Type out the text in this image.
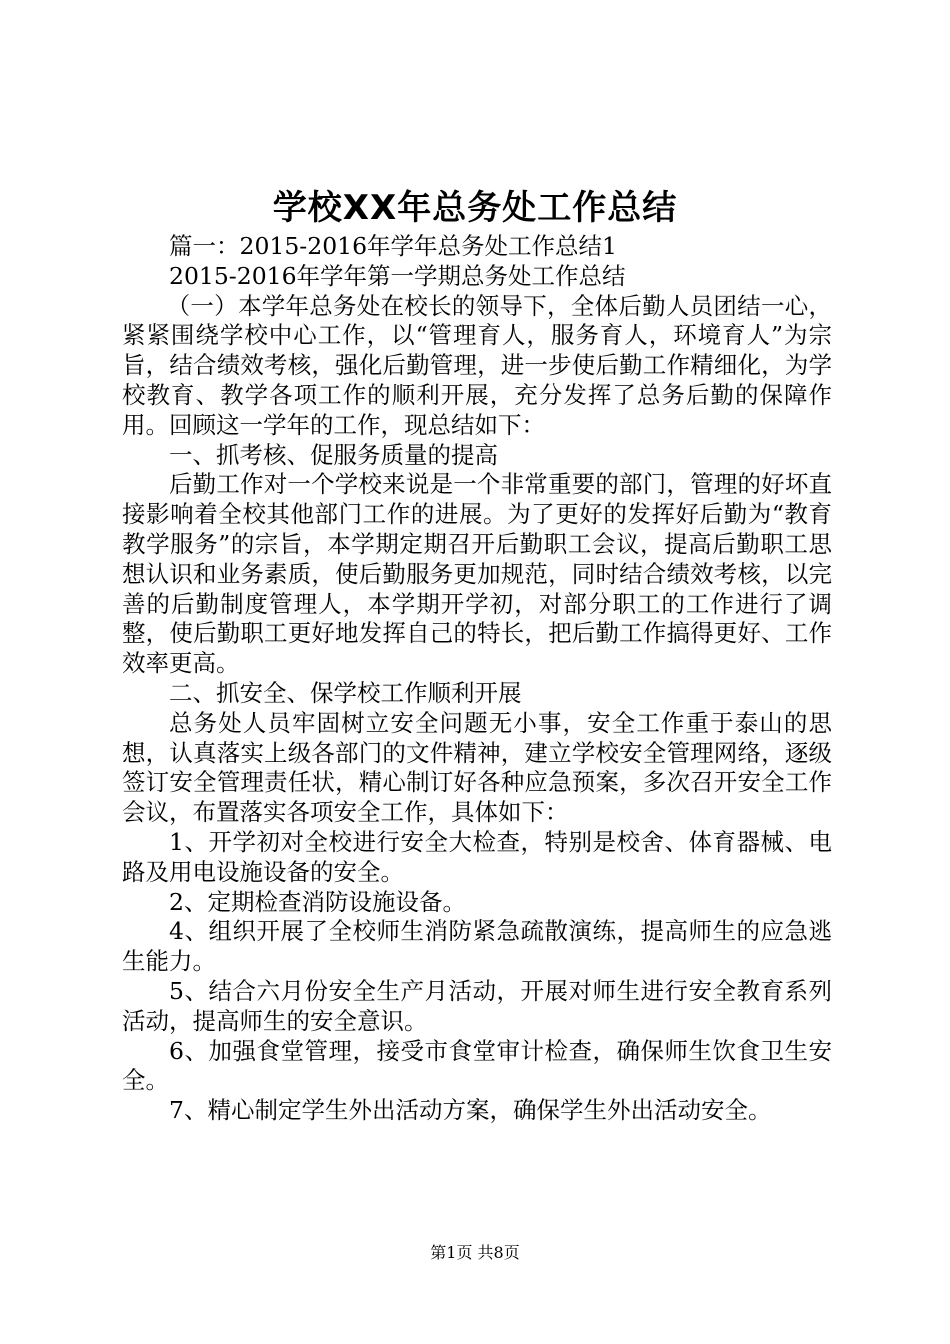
学校XX年总务处工作总结

篇一：2015-2016年学年总务处工作总结1

2015-2016年学年第一学期总务处工作总结

（一）本学年总务处在校长的领导下，全体后勤人员团结一心，紧紧围绕学校中心工作，以“管理育人，服务育人，环境育人”为宗旨，结合绩效考核，强化后勤管理，进一步使后勤工作精细化，为学校教育、教学各项工作的顺利开展，充分发挥了总务后勤的保障作用。回顾这一学年的工作，现总结如下：

一、抓考核、促服务质量的提高

后勤工作对一个学校来说是一个非常重要的部门，管理的好坏直接影响着全校其他部门工作的进展。为了更好的发挥好后勤为“教育教学服务”的宗旨，本学期定期召开后勤职工会议，提高后勤职工思想认识和业务素质，使后勤服务更加规范，同时结合绩效考核，以完善的后勤制度管理人，本学期开学初，对部分职工的工作进行了调整，使后勤职工更好地发挥自己的特长，把后勤工作搞得更好、工作效率更高。

二、抓安全、保学校工作顺利开展

总务处人员牢固树立安全问题无小事，安全工作重于泰山的思想，认真落实上级各部门的文件精神，建立学校安全管理网络，逐级签订安全管理责任状，精心制订好各种应急预案，多次召开安全工作会议，布置落实各项安全工作，具体如下：

1、开学初对全校进行安全大检查，特别是校舍、体育器械、电路及用电设施设备的安全。

2、定期检查消防设施设备。

4、组织开展了全校师生消防紧急疏散演练，提高师生的应急逃生能力。

5、结合六月份安全生产月活动，开展对师生进行安全教育系列活动，提高师生的安全意识。

6、加强食堂管理，接受市食堂审计检查，确保师生饮食卫生安全。

7、精心制定学生外出活动方案，确保学生外出活动安全。

第1页 共8页
